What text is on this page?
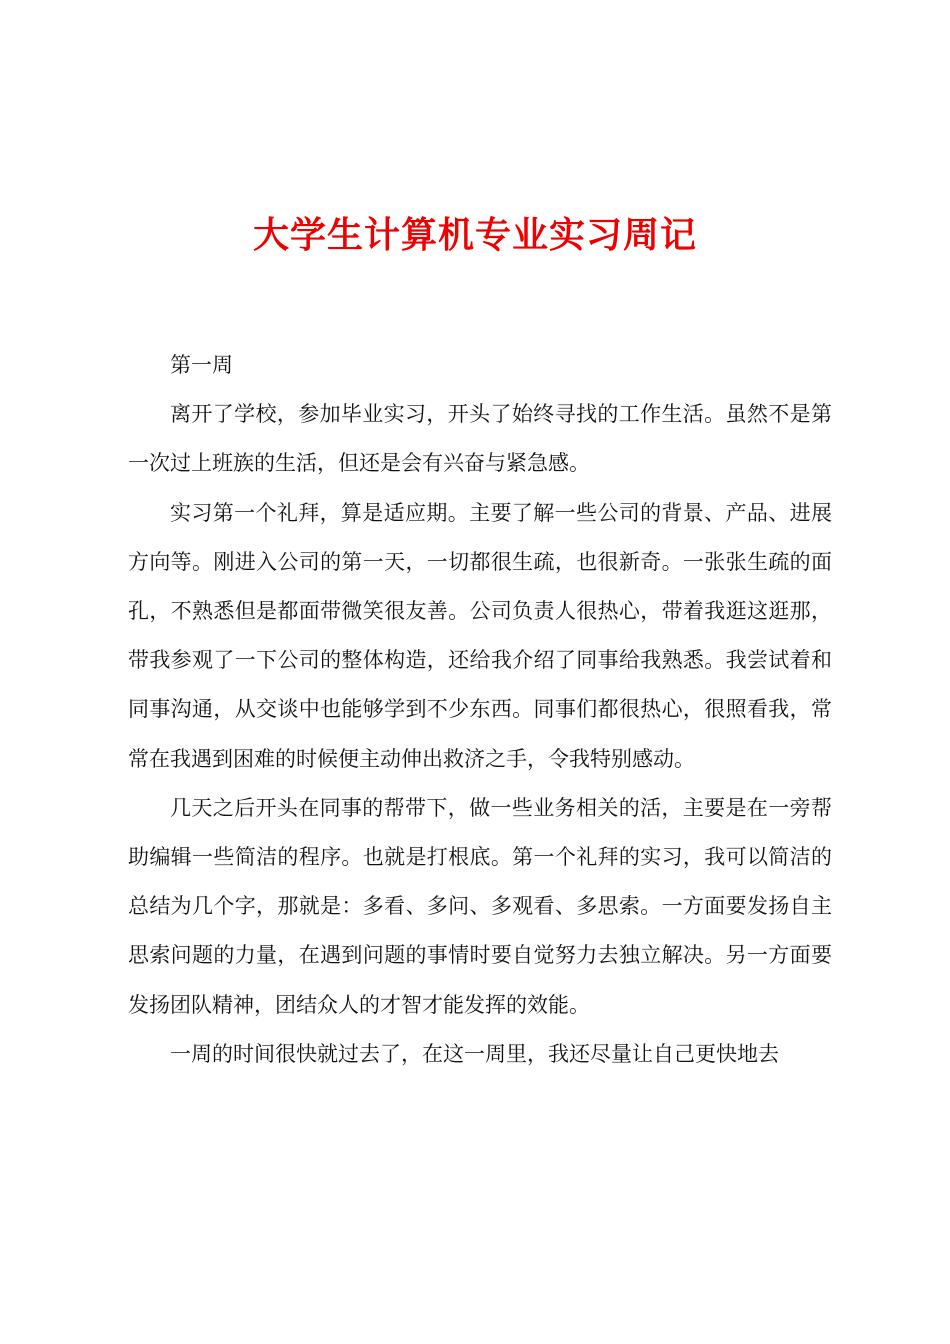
大学生计算机专业实习周记

第一周

离开了学校，参加毕业实习，开头了始终寻找的工作生活。虽然不是第一次过上班族的生活，但还是会有兴奋与紧急感。

实习第一个礼拜，算是适应期。主要了解一些公司的背景、产品、进展方向等。刚进入公司的第一天，一切都很生疏，也很新奇。一张张生疏的面孔，不熟悉但是都面带微笑很友善。公司负责人很热心，带着我逛这逛那，带我参观了一下公司的整体构造，还给我介绍了同事给我熟悉。我尝试着和同事沟通，从交谈中也能够学到不少东西。同事们都很热心，很照看我，常常在我遇到困难的时候便主动伸出救济之手，令我特别感动。

几天之后开头在同事的帮带下，做一些业务相关的活，主要是在一旁帮助编辑一些简洁的程序。也就是打根底。第一个礼拜的实习，我可以简洁的总结为几个字，那就是：多看、多问、多观看、多思索。一方面要发扬自主思索问题的力量，在遇到问题的事情时要自觉努力去独立解决。另一方面要发扬团队精神，团结众人的才智才能发挥的效能。

一周的时间很快就过去了，在这一周里，我还尽量让自己更快地去
